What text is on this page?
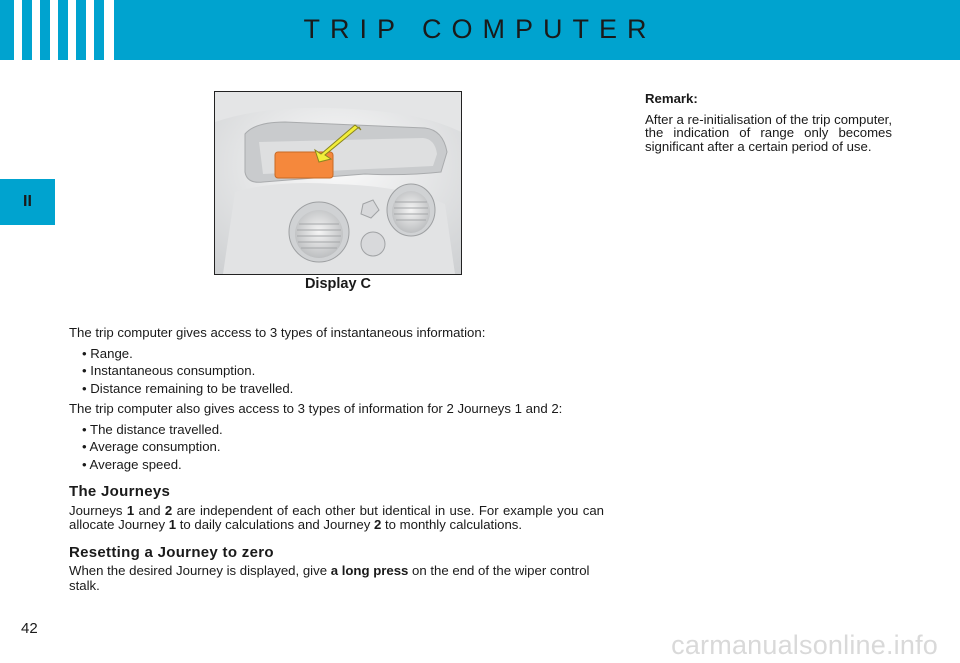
TRIP COMPUTER
II
Display C
Remark:
After a re-initialisation of the trip computer, the indication of range only becomes significant after a certain period of use.

The trip computer gives access to 3 types of instantaneous information:

• Range.
• Instantaneous consumption.
• Distance remaining to be travelled.

The trip computer also gives access to 3 types of information for 2 Journeys 1 and 2:

• The distance travelled.
• Average consumption.
• Average speed.
The Journeys

Journeys 1 and 2 are independent of each other but identical in use. For example you can allocate Journey 1 to daily calculations and Journey 2 to monthly calculations.

Resetting a Journey to zero

When the desired Journey is displayed, give a long press on the end of the wiper control stalk.

42
carmanualsonline.info
